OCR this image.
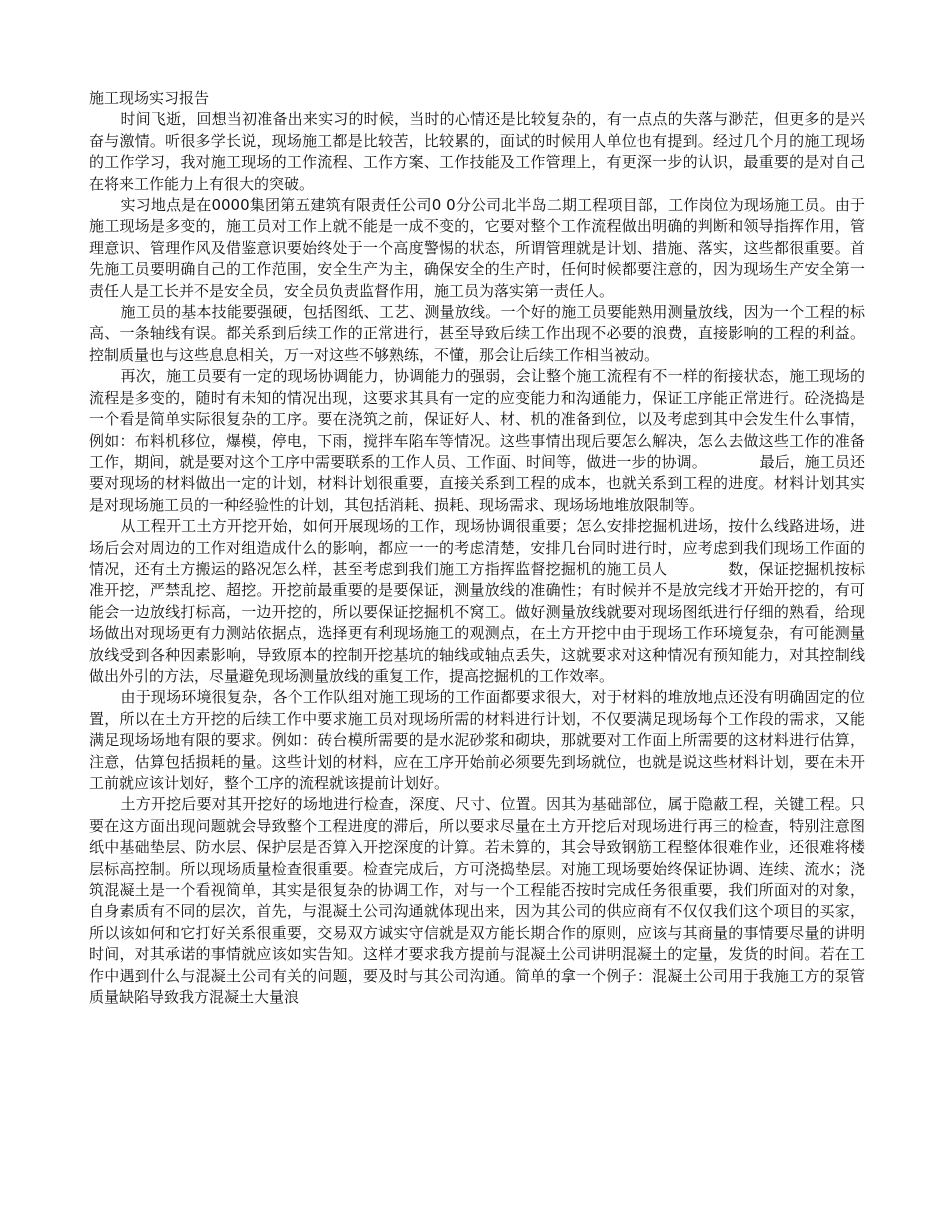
施工现场实习报告

时间飞逝，回想当初准备出来实习的时候，当时的心情还是比较复杂的，有一点点的失落与渺茫，但更多的是兴奋与激情。听很多学长说，现场施工都是比较苦，比较累的，面试的时候用人单位也有提到。经过几个月的施工现场的工作学习，我对施工现场的工作流程、工作方案、工作技能及工作管理上，有更深一步的认识，最重要的是对自己在将来工作能力上有很大的突破。

实习地点是在0000集团第五建筑有限责任公司0 0分公司北半岛二期工程项目部，工作岗位为现场施工员。由于施工现场是多变的，施工员对工作上就不能是一成不变的，它要对整个工作流程做出明确的判断和领导指挥作用，管理意识、管理作风及借鉴意识要始终处于一个高度警惕的状态，所谓管理就是计划、措施、落实，这些都很重要。首先施工员要明确自己的工作范围，安全生产为主，确保安全的生产时，任何时候都要注意的，因为现场生产安全第一责任人是工长并不是安全员，安全员负责监督作用，施工员为落实第一责任人。

施工员的基本技能要强硬，包括图纸、工艺、测量放线。一个好的施工员要能熟用测量放线，因为一个工程的标高、一条轴线有误。都关系到后续工作的正常进行，甚至导致后续工作出现不必要的浪费，直接影响的工程的利益。控制质量也与这些息息相关，万一对这些不够熟练，不懂，那会让后续工作相当被动。

再次，施工员要有一定的现场协调能力，协调能力的强弱，会让整个施工流程有不一样的衔接状态，施工现场的流程是多变的，随时有未知的情况出现，这要求其具有一定的应变能力和沟通能力，保证工序能正常进行。砼浇捣是一个看是简单实际很复杂的工序。要在浇筑之前，保证好人、材、机的准备到位，以及考虑到其中会发生什么事情，例如：布料机移位，爆模，停电，下雨，搅拌车陷车等情况。这些事情出现后要怎么解决，怎么去做这些工作的准备工作，期间，就是要对这个工序中需要联系的工作人员、工作面、时间等，做进一步的协调。　　　　最后，施工员还要对现场的材料做出一定的计划，材料计划很重要，直接关系到工程的成本，也就关系到工程的进度。材料计划其实是对现场施工员的一种经验性的计划，其包括消耗、损耗、现场需求、现场场地堆放限制等。

从工程开工土方开挖开始，如何开展现场的工作，现场协调很重要；怎么安排挖掘机进场，按什么线路进场，进场后会对周边的工作对组造成什么的影响，都应一一的考虑清楚，安排几台同时进行时，应考虑到我们现场工作面的情况，还有土方搬运的路况怎么样，甚至考虑到我们施工方指挥监督挖掘机的施工员人　　　　数，保证挖掘机按标准开挖，严禁乱挖、超挖。开挖前最重要的是要保证，测量放线的准确性；有时候并不是放完线才开始开挖的，有可能会一边放线打标高，一边开挖的，所以要保证挖掘机不窝工。做好测量放线就要对现场图纸进行仔细的熟看，给现场做出对现场更有力测站依据点，选择更有利现场施工的观测点，在土方开挖中由于现场工作环境复杂，有可能测量放线受到各种因素影响，导致原本的控制开挖基坑的轴线或轴点丢失，这就要求对这种情况有预知能力，对其控制线做出外引的方法，尽量避免现场测量放线的重复工作，提高挖掘机的工作效率。

由于现场环境很复杂，各个工作队组对施工现场的工作面都要求很大，对于材料的堆放地点还没有明确固定的位置，所以在土方开挖的后续工作中要求施工员对现场所需的材料进行计划，不仅要满足现场每个工作段的需求，又能满足现场场地有限的要求。例如：砖台模所需要的是水泥砂浆和砌块，那就要对工作面上所需要的这材料进行估算，注意，估算包括损耗的量。这些计划的材料，应在工序开始前必须要先到场就位，也就是说这些材料计划，要在未开工前就应该计划好，整个工序的流程就该提前计划好。

土方开挖后要对其开挖好的场地进行检查，深度、尺寸、位置。因其为基础部位，属于隐蔽工程，关键工程。只要在这方面出现问题就会导致整个工程进度的滞后，所以要求尽量在土方开挖后对现场进行再三的检查，特别注意图纸中基础垫层、防水层、保护层是否算入开挖深度的计算。若未算的，其会导致钢筋工程整体很难作业，还很难将楼层标高控制。所以现场质量检查很重要。检查完成后，方可浇捣垫层。对施工现场要始终保证协调、连续、流水；浇筑混凝土是一个看视简单，其实是很复杂的协调工作，对与一个工程能否按时完成任务很重要，我们所面对的对象，自身素质有不同的层次，首先，与混凝土公司沟通就体现出来，因为其公司的供应商有不仅仅我们这个项目的买家，所以该如何和它打好关系很重要，交易双方诚实守信就是双方能长期合作的原则，应该与其商量的事情要尽量的讲明时间，对其承诺的事情就应该如实告知。这样才要求我方提前与混凝土公司讲明混凝土的定量，发货的时间。若在工作中遇到什么与混凝土公司有关的问题，要及时与其公司沟通。简单的拿一个例子：混凝土公司用于我施工方的泵管质量缺陷导致我方混凝土大量浪
